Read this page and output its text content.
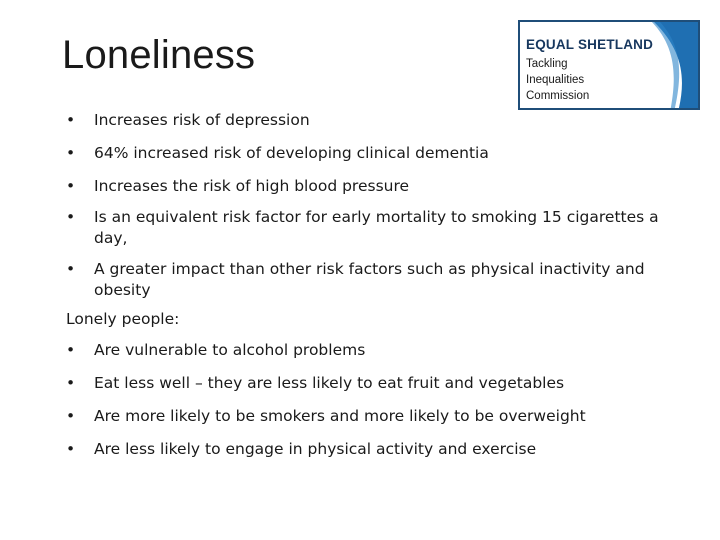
Loneliness	EQUAL SHETLAND
Tackling
Inequalities
Commission
• Increases risk of depression
• 64% increased risk of developing clinical dementia
• Increases the risk of high blood pressure
• Is an equivalent risk factor for early mortality to smoking 15 cigarettes a day,
• A greater impact than other risk factors such as physical inactivity and obesity
Lonely people:
• Are vulnerable to alcohol problems
• Eat less well – they are less likely to eat fruit and vegetables
• Are more likely to be smokers and more likely to be overweight
• Are less likely to engage in physical activity and exercise
